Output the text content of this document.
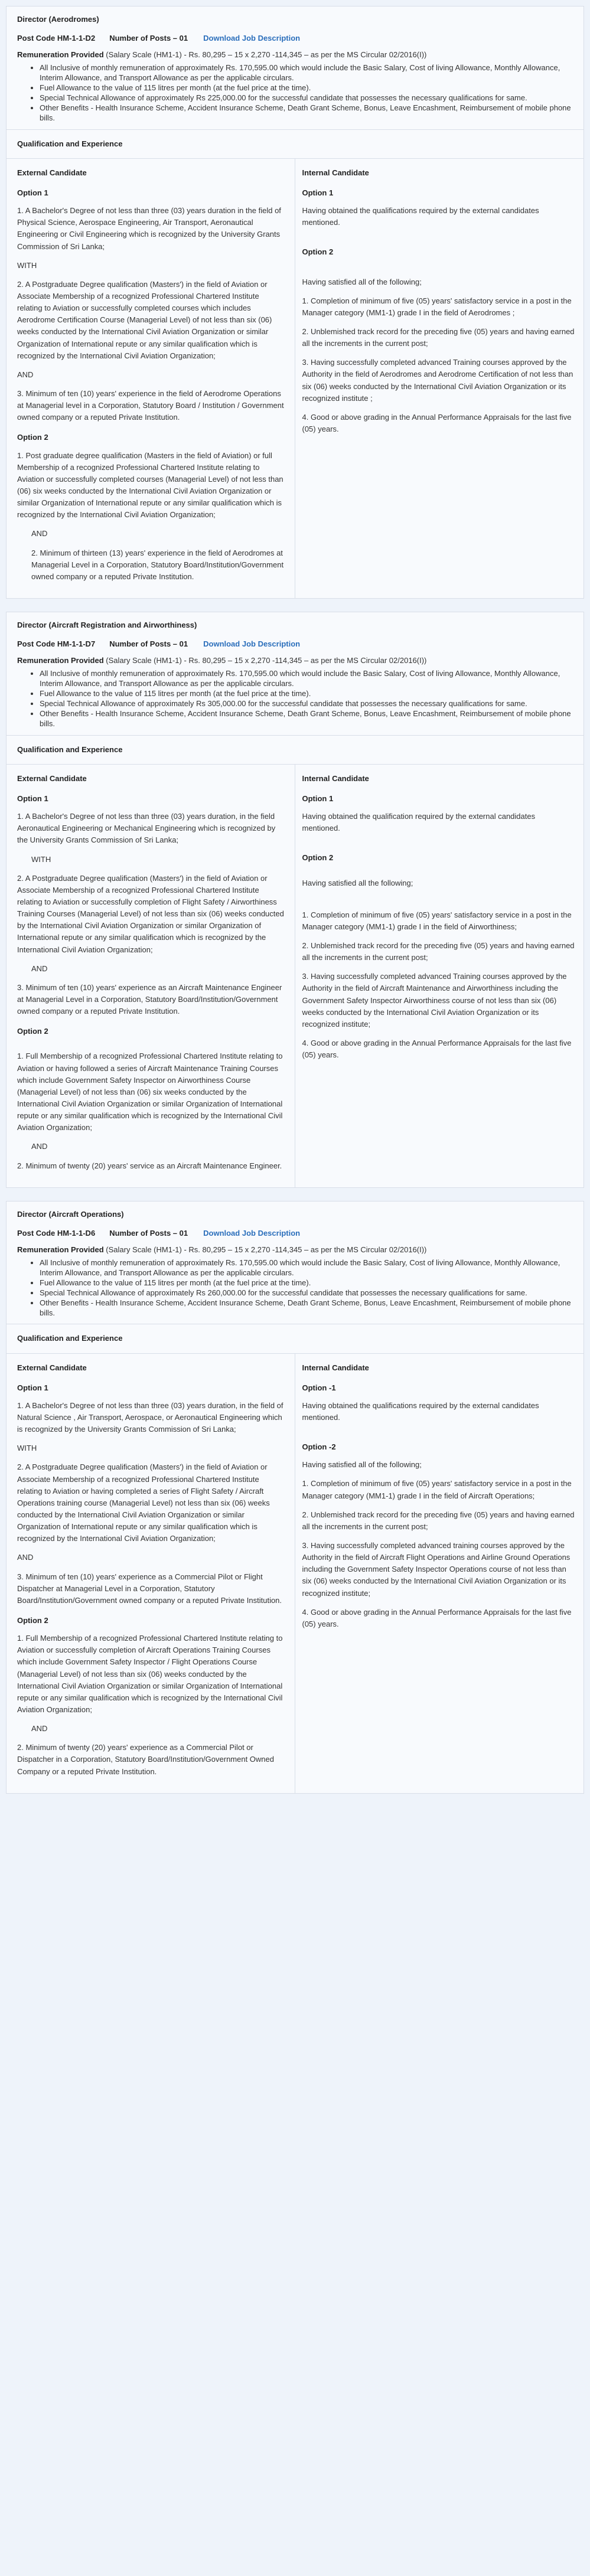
Director (Aerodromes)
Post Code HM-1-1-D2 Number of Posts – 01 Download Job Description
Remuneration Provided (Salary Scale (HM1-1) - Rs. 80,295 – 15 x 2,270 -114,345 – as per the MS Circular 02/2016(I))
• All Inclusive of monthly remuneration of approximately Rs. 170,595.00 which would include the Basic Salary, Cost of living Allowance, Monthly Allowance, Interim Allowance, and Transport Allowance as per the applicable circulars.
• Fuel Allowance to the value of 115 litres per month (at the fuel price at the time).
• Special Technical Allowance of approximately Rs 225,000.00 for the successful candidate that possesses the necessary qualifications for same.
• Other Benefits - Health Insurance Scheme, Accident Insurance Scheme, Death Grant Scheme, Bonus, Leave Encashment, Reimbursement of mobile phone bills.
Qualification and Experience
External Candidate
Option 1

1. A Bachelor's Degree of not less than three (03) years duration in the field of Physical Science, Aerospace Engineering, Air Transport, Aeronautical Engineering or Civil Engineering which is recognized by the University Grants Commission of Sri Lanka;

WITH

2. A Postgraduate Degree qualification (Masters') in the field of Aviation or Associate Membership of a recognized Professional Chartered Institute relating to Aviation or successfully completed courses which includes Aerodrome Certification Course (Managerial Level) of not less than six (06) weeks conducted by the International Civil Aviation Organization or similar Organization of International repute or any similar qualification which is recognized by the International Civil Aviation Organization;

AND

3. Minimum of ten (10) years' experience in the field of Aerodrome Operations at Managerial level in a Corporation, Statutory Board / Institution / Government owned company or a reputed Private Institution.

Option 2

1. Post graduate degree qualification (Masters in the field of Aviation) or full Membership of a recognized Professional Chartered Institute relating to Aviation or successfully completed courses (Managerial Level) of not less than (06) six weeks conducted by the International Civil Aviation Organization or similar Organization of International repute or any similar qualification which is recognized by the International Civil Aviation Organization;

AND

2. Minimum of thirteen (13) years' experience in the field of Aerodromes at Managerial Level in a Corporation, Statutory Board/Institution/Government owned company or a reputed Private Institution.

Internal Candidate
Option 1

Having obtained the qualifications required by the external candidates mentioned.

Option 2

Having satisfied all of the following;

1. Completion of minimum of five (05) years' satisfactory service in a post in the Manager category (MM1-1) grade I in the field of Aerodromes ;

2. Unblemished track record for the preceding five (05) years and having earned all the increments in the current post;

3. Having successfully completed advanced Training courses approved by the Authority in the field of Aerodromes and Aerodrome Certification of not less than six (06) weeks conducted by the International Civil Aviation Organization or its recognized institute ;

4. Good or above grading in the Annual Performance Appraisals for the last five (05) years.

Director (Aircraft Registration and Airworthiness)
Post Code HM-1-1-D7 Number of Posts – 01 Download Job Description
Remuneration Provided (Salary Scale (HM1-1) - Rs. 80,295 – 15 x 2,270 -114,345 – as per the MS Circular 02/2016(I))
• All Inclusive of monthly remuneration of approximately Rs. 170,595.00 which would include the Basic Salary, Cost of living Allowance, Monthly Allowance, Interim Allowance, and Transport Allowance as per the applicable circulars.
• Fuel Allowance to the value of 115 litres per month (at the fuel price at the time).
• Special Technical Allowance of approximately Rs 305,000.00 for the successful candidate that possesses the necessary qualifications for same.
• Other Benefits - Health Insurance Scheme, Accident Insurance Scheme, Death Grant Scheme, Bonus, Leave Encashment, Reimbursement of mobile phone bills.
Qualification and Experience
External Candidate
Option 1

1. A Bachelor's Degree of not less than three (03) years duration, in the field Aeronautical Engineering or Mechanical Engineering which is recognized by the University Grants Commission of Sri Lanka;

WITH

2. A Postgraduate Degree qualification (Masters') in the field of Aviation or Associate Membership of a recognized Professional Chartered Institute relating to Aviation or successfully completion of Flight Safety / Airworthiness Training Courses (Managerial Level) of not less than six (06) weeks conducted by the International Civil Aviation Organization or similar Organization of International repute or any similar qualification which is recognized by the International Civil Aviation Organization;

AND

3. Minimum of ten (10) years' experience as an Aircraft Maintenance Engineer at Managerial Level in a Corporation, Statutory Board/Institution/Government owned company or a reputed Private Institution.

Option 2

1. Full Membership of a recognized Professional Chartered Institute relating to Aviation or having followed a series of Aircraft Maintenance Training Courses which include Government Safety Inspector on Airworthiness Course (Managerial Level) of not less than (06) six weeks conducted by the International Civil Aviation Organization or similar Organization of International repute or any similar qualification which is recognized by the International Civil Aviation Organization;

AND

2. Minimum of twenty (20) years' service as an Aircraft Maintenance Engineer.

Internal Candidate
Option 1

Having obtained the qualification required by the external candidates mentioned.

Option 2

Having satisfied all the following;

1. Completion of minimum of five (05) years' satisfactory service in a post in the Manager category (MM1-1) grade I in the field of Airworthiness;

2. Unblemished track record for the preceding five (05) years and having earned all the increments in the current post;

3. Having successfully completed advanced Training courses approved by the Authority in the field of Aircraft Maintenance and Airworthiness including the Government Safety Inspector Airworthiness course of not less than six (06) weeks conducted by the International Civil Aviation Organization or its recognized institute;

4. Good or above grading in the Annual Performance Appraisals for the last five (05) years.

Director (Aircraft Operations)
Post Code HM-1-1-D6 Number of Posts – 01 Download Job Description
Remuneration Provided (Salary Scale (HM1-1) - Rs. 80,295 – 15 x 2,270 -114,345 – as per the MS Circular 02/2016(I))
• All Inclusive of monthly remuneration of approximately Rs. 170,595.00 which would include the Basic Salary, Cost of living Allowance, Monthly Allowance, Interim Allowance, and Transport Allowance as per the applicable circulars.
• Fuel Allowance to the value of 115 litres per month (at the fuel price at the time).
• Special Technical Allowance of approximately Rs 260,000.00 for the successful candidate that possesses the necessary qualifications for same.
• Other Benefits - Health Insurance Scheme, Accident Insurance Scheme, Death Grant Scheme, Bonus, Leave Encashment, Reimbursement of mobile phone bills.
Qualification and Experience
External Candidate
Option 1

1. A Bachelor's Degree of not less than three (03) years duration, in the field of Natural Science , Air Transport, Aerospace, or Aeronautical Engineering which is recognized by the University Grants Commission of Sri Lanka;

WITH

2. A Postgraduate Degree qualification (Masters') in the field of Aviation or Associate Membership of a recognized Professional Chartered Institute relating to Aviation or having completed a series of Flight Safety / Aircraft Operations training course (Managerial Level) not less than six (06) weeks conducted by the International Civil Aviation Organization or similar Organization of International repute or any similar qualification which is recognized by the International Civil Aviation Organization;

AND

3. Minimum of ten (10) years' experience as a Commercial Pilot or Flight Dispatcher at Managerial Level in a Corporation, Statutory Board/Institution/Government owned company or a reputed Private Institution.

Option 2

1. Full Membership of a recognized Professional Chartered Institute relating to Aviation or successfully completion of Aircraft Operations Training Courses which include Government Safety Inspector / Flight Operations Course (Managerial Level) of not less than six (06) weeks conducted by the International Civil Aviation Organization or similar Organization of International repute or any similar qualification which is recognized by the International Civil Aviation Organization;

AND

2. Minimum of twenty (20) years' experience as a Commercial Pilot or Dispatcher in a Corporation, Statutory Board/Institution/Government Owned Company or a reputed Private Institution.

Internal Candidate
Option -1

Having obtained the qualifications required by the external candidates mentioned.

Option -2

Having satisfied all of the following;

1. Completion of minimum of five (05) years' satisfactory service in a post in the Manager category (MM1-1) grade I in the field of Aircraft Operations;

2. Unblemished track record for the preceding five (05) years and having earned all the increments in the current post;

3. Having successfully completed advanced training courses approved by the Authority in the field of Aircraft Flight Operations and Airline Ground Operations including the Government Safety Inspector Operations course of not less than six (06) weeks conducted by the International Civil Aviation Organization or its recognized institute;

4. Good or above grading in the Annual Performance Appraisals for the last five (05) years.
